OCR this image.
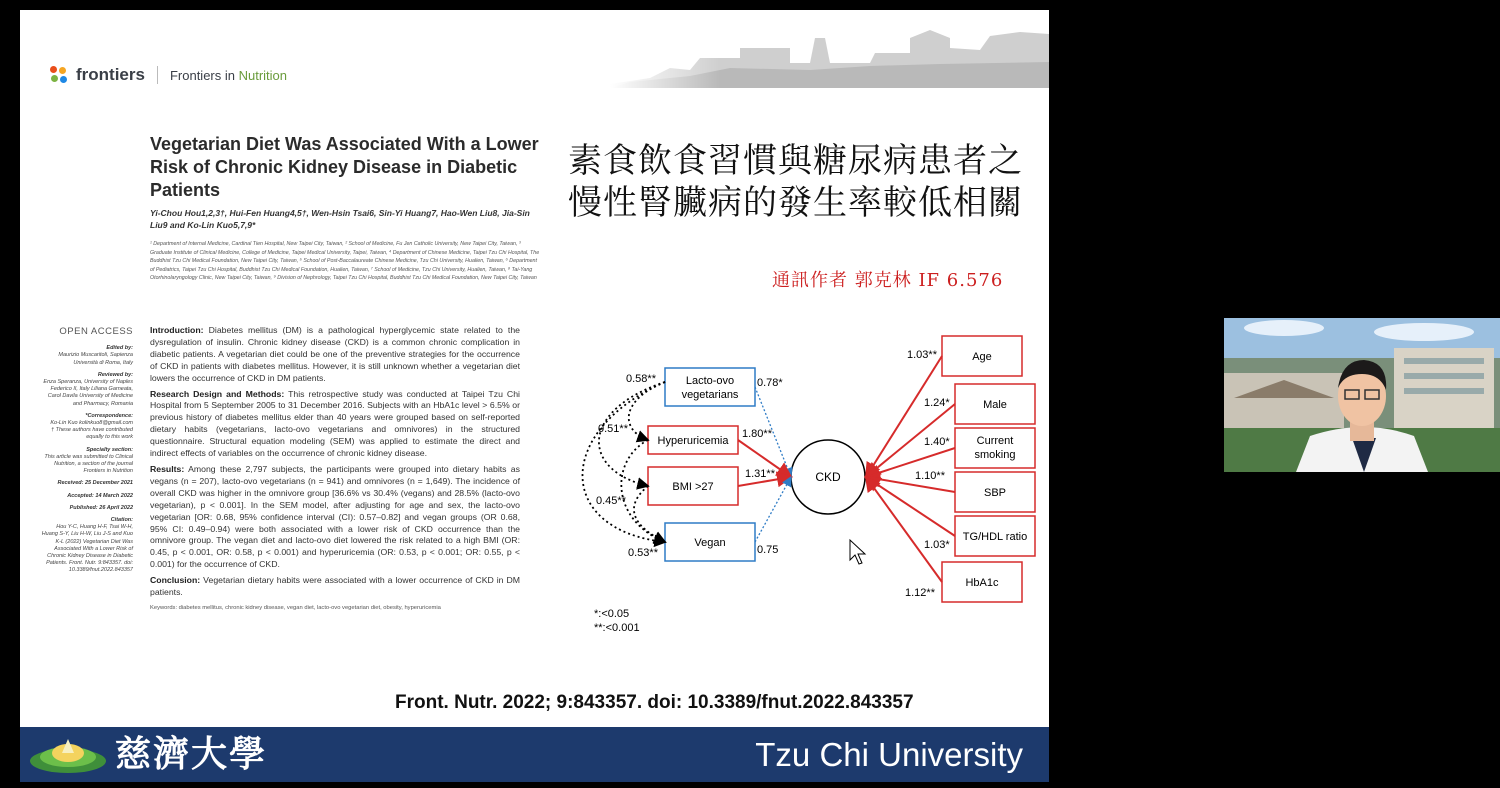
frontiers Frontiers in Nutrition
Vegetarian Diet Was Associated With a Lower Risk of Chronic Kidney Disease in Diabetic Patients
Yi-Chou Hou1,2,3†, Hui-Fen Huang4,5†, Wen-Hsin Tsai6, Sin-Yi Huang7, Hao-Wen Liu8, Jia-Sin Liu9 and Ko-Lin Kuo5,7,9*
¹ Department of Internal Medicine, Cardinal Tien Hospital, New Taipei City, Taiwan, ² School of Medicine, Fu Jen Catholic University, New Taipei City, Taiwan, ³ Graduate Institute of Clinical Medicine, College of Medicine, Taipei Medical University, Taipei, Taiwan, ⁴ Department of Chinese Medicine, Taipei Tzu Chi Hospital, The Buddhist Tzu Chi Medical Foundation, New Taipei City, Taiwan, ⁵ School of Post-Baccalaureate Chinese Medicine, Tzu Chi University, Hualien, Taiwan, ⁶ Department of Pediatrics, Taipei Tzu Chi Hospital, Buddhist Tzu Chi Medical Foundation, Hualien, Taiwan, ⁷ School of Medicine, Tzu Chi University, Hualien, Taiwan, ⁸ Tai-Yang Otorhinolaryngology Clinic, New Taipei City, Taiwan, ⁹ Division of Nephrology, Taipei Tzu Chi Hospital, Buddhist Tzu Chi Medical Foundation, New Taipei City, Taiwan
OPEN ACCESS
Edited by:
Maurizio Muscaritoli, Sapienza Università di Roma, Italy
Reviewed by:
Enza Speranza, University of Naples Federico II, Italy Liliana Garneata, Carol Davila University of Medicine and Pharmacy, Romania
*Correspondence:
Ko-Lin Kuo kolinkuo8@gmail.com
† These authors have contributed equally to this work
Specialty section:
This article was submitted to Clinical Nutrition, a section of the journal Frontiers in Nutrition
Received: 25 December 2021
Accepted: 14 March 2022
Published: 26 April 2022
Citation:
Hou Y-C, Huang H-F, Tsai W-H, Huang S-Y, Liu H-W, Liu J-S and Kuo K-L (2022) Vegetarian Diet Was Associated With a Lower Risk of Chronic Kidney Disease in Diabetic Patients. Front. Nutr. 9:843357. doi: 10.3389/fnut.2022.843357

Introduction: Diabetes mellitus (DM) is a pathological hyperglycemic state related to the dysregulation of insulin. Chronic kidney disease (CKD) is a common chronic complication in diabetic patients. A vegetarian diet could be one of the preventive strategies for the occurrence of CKD in patients with diabetes mellitus. However, it is still unknown whether a vegetarian diet lowers the occurrence of CKD in DM patients.

Research Design and Methods: This retrospective study was conducted at Taipei Tzu Chi Hospital from 5 September 2005 to 31 December 2016. Subjects with an HbA1c level > 6.5% or previous history of diabetes mellitus elder than 40 years were grouped based on self-reported dietary habits (vegetarians, lacto-ovo vegetarians and omnivores) in the structured questionnaire. Structural equation modeling (SEM) was applied to estimate the direct and indirect effects of variables on the occurrence of chronic kidney disease.

Results: Among these 2,797 subjects, the participants were grouped into dietary habits as vegans (n = 207), lacto-ovo vegetarians (n = 941) and omnivores (n = 1,649). The incidence of overall CKD was higher in the omnivore group [36.6% vs 30.4% (vegans) and 28.5% (lacto-ovo vegetarian), p < 0.001]. In the SEM model, after adjusting for age and sex, the lacto-ovo vegetarian [OR: 0.68, 95% confidence interval (CI): 0.57–0.82] and vegan groups (OR 0.68, 95% CI: 0.49–0.94) were both associated with a lower risk of CKD occurrence than the omnivore group. The vegan diet and lacto-ovo diet lowered the risk related to a high BMI (OR: 0.45, p < 0.001, OR: 0.58, p < 0.001) and hyperuricemia (OR: 0.53, p < 0.001; OR: 0.55, p < 0.001) for the occurrence of CKD.

Conclusion: Vegetarian dietary habits were associated with a lower occurrence of CKD in DM patients.

Keywords: diabetes mellitus, chronic kidney disease, vegan diet, lacto-ovo vegetarian diet, obesity, hyperuricemia

素食飲食習慣與糖尿病患者之
慢性腎臟病的發生率較低相關
通訊作者 郭克林 IF 6.576
CKD
Lacto-ovo
vegetarians
0.78*
Hyperuricemia
1.80**
BMI >27
1.31**
Vegan
0.75
0.58**
0.51**
0.45**
0.53**
Age
1.03**
Male
1.24*
Current
smoking
1.40*
SBP
1.10**
TG/HDL ratio
1.03*
HbA1c
1.12**
*:<0.05
**:<0.001
Front. Nutr. 2022; 9:843357. doi: 10.3389/fnut.2022.843357
慈濟大學	Tzu Chi University
